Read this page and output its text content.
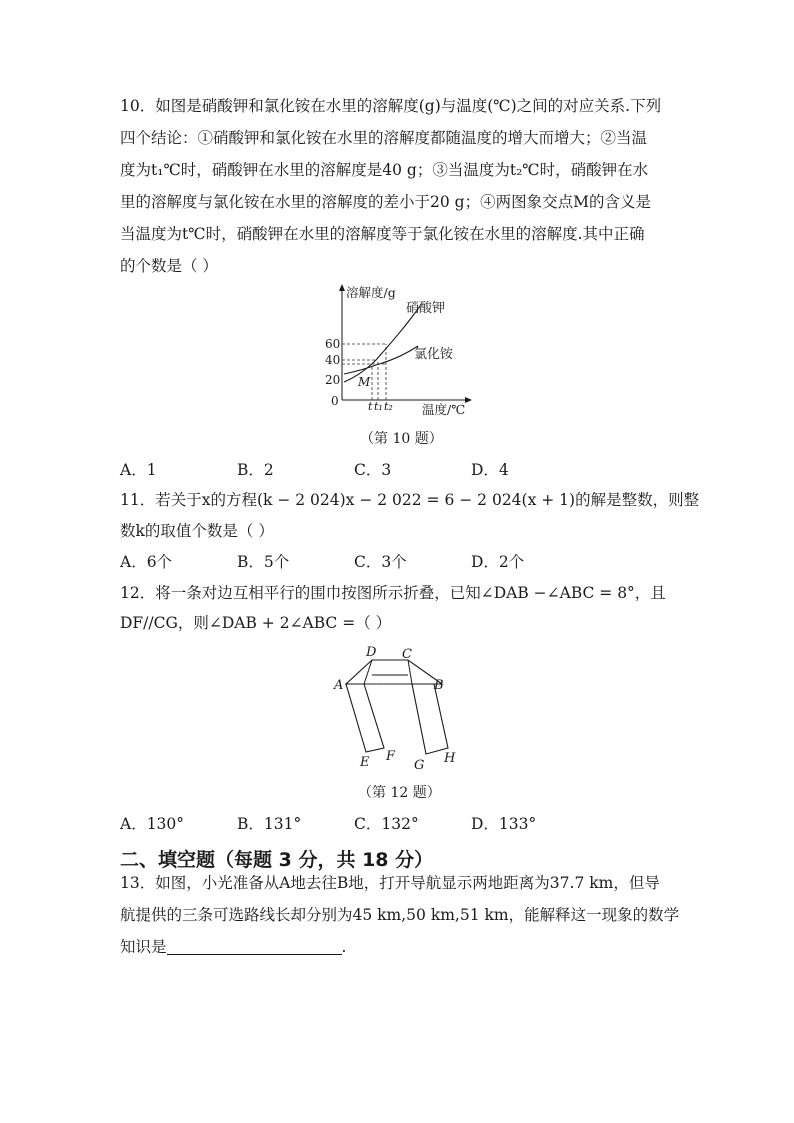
10．如图是硝酸钾和氯化铵在水里的溶解度(g)与温度(℃)之间的对应关系.下列
四个结论：①硝酸钾和氯化铵在水里的溶解度都随温度的增大而增大；②当温
度为t₁℃时，硝酸钾在水里的溶解度是40 g；③当温度为t₂℃时，硝酸钾在水
里的溶解度与氯化铵在水里的溶解度的差小于20 g；④两图象交点M的含义是
当温度为t℃时，硝酸钾在水里的溶解度等于氯化铵在水里的溶解度.其中正确
的个数是（ ）
溶解度/g
温度/℃
60
40
20
0
硝酸钾
氯化铵
M
t t₁ t₂
（第 10 题）
A．1	B．2	C．3	D．4
11．若关于x的方程(k − 2 024)x − 2 022 = 6 − 2 024(x + 1)的解是整数，则整
数k的取值个数是（ ）
A．6个	B．5个	C．3个	D．2个
12．将一条对边互相平行的围巾按图所示折叠，已知∠DAB −∠ABC = 8°，且
DF//CG，则∠DAB + 2∠ABC =（ ）
D C
A	B
E F
G H
（第 12 题）
A．130°	B．131°	C．132°	D．133°
二、填空题（每题 3 分，共 18 分）
13．如图，小光准备从A地去往B地，打开导航显示两地距离为37.7 km，但导
航提供的三条可选路线长却分别为45 km,50 km,51 km，能解释这一现象的数学
知识是	.
